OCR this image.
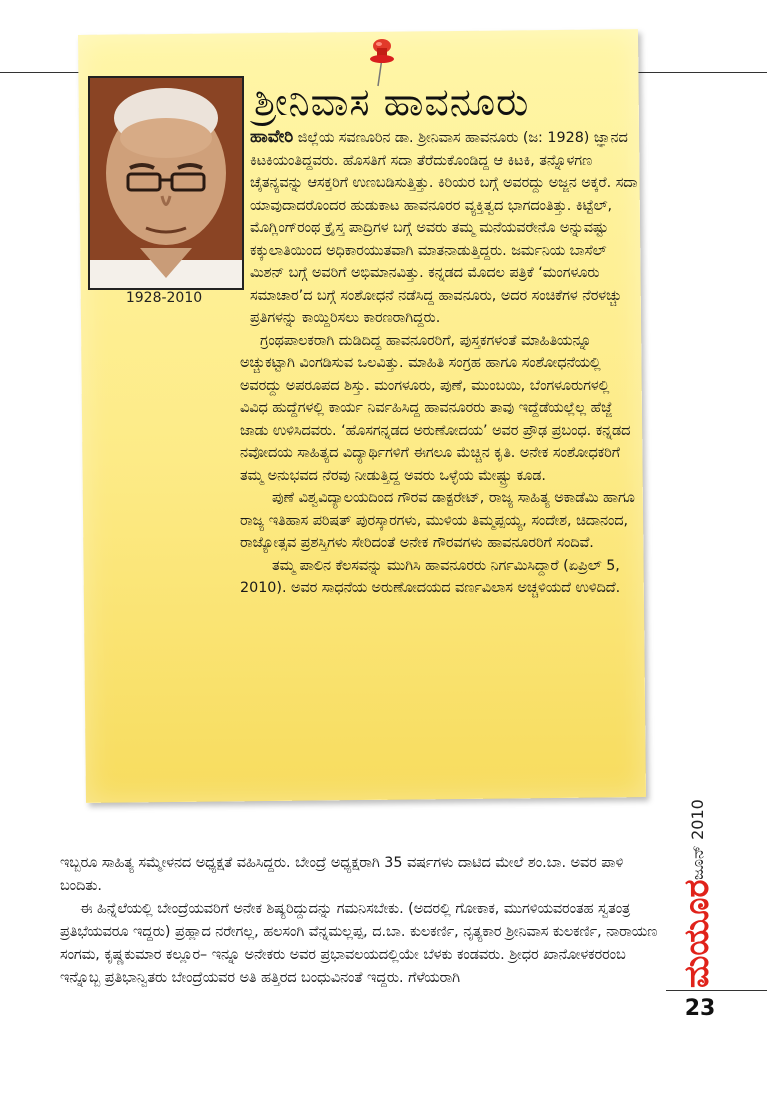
1928-2010
ಶ್ರೀನಿವಾಸ ಹಾವನೂರು

ಹಾವೇರಿ ಜಿಲ್ಲೆಯ ಸವಣೂರಿನ ಡಾ. ಶ್ರೀನಿವಾಸ ಹಾವನೂರು (ಜ: 1928) ಜ್ಞಾನದ ಕಿಟಕಿಯಂತಿದ್ದವರು. ಹೊಸತಿಗೆ ಸದಾ ತೆರೆದುಕೊಂಡಿದ್ದ ಆ ಕಿಟಕಿ, ತನ್ನೊಳಗಣ ಚೈತನ್ಯವನ್ನು ಆಸಕ್ತರಿಗೆ ಉಣಬಡಿಸುತ್ತಿತ್ತು. ಕಿರಿಯರ ಬಗ್ಗೆ ಅವರದ್ದು ಅಜ್ಜನ ಅಕ್ಕರೆ. ಸದಾ ಯಾವುದಾದರೊಂದರ ಹುಡುಕಾಟ ಹಾವನೂರರ ವ್ಯಕ್ತಿತ್ವದ ಭಾಗದಂತಿತ್ತು. ಕಿಟ್ಟೆಲ್, ಮೊಗ್ಲಿಂಗ್‌ರಂಥ ಕ್ರೈಸ್ತ ಪಾದ್ರಿಗಳ ಬಗ್ಗೆ ಅವರು ತಮ್ಮ ಮನೆಯವರೇನೊ ಅನ್ನುವಷ್ಟು ಕಕ್ಕುಲಾತಿಯಿಂದ ಅಧಿಕಾರಯುತವಾಗಿ ಮಾತನಾಡುತ್ತಿದ್ದರು. ಜರ್ಮನಿಯ ಬಾಸೆಲ್ ಮಿಶನ್ ಬಗ್ಗೆ ಅವರಿಗೆ ಅಭಿಮಾನವಿತ್ತು. ಕನ್ನಡದ ಮೊದಲ ಪತ್ರಿಕೆ ‘ಮಂಗಳೂರು ಸಮಾಚಾರ’ದ ಬಗ್ಗೆ ಸಂಶೋಧನೆ ನಡೆಸಿದ್ದ ಹಾವನೂರು, ಅದರ ಸಂಚಿಕೆಗಳ ನೆರಳಚ್ಚು ಪ್ರತಿಗಳನ್ನು ಕಾಯ್ದಿರಿಸಲು ಕಾರಣರಾಗಿದ್ದರು.

ಗ್ರಂಥಪಾಲಕರಾಗಿ ದುಡಿದಿದ್ದ ಹಾವನೂರರಿಗೆ, ಪುಸ್ತಕಗಳಂತೆ ಮಾಹಿತಿಯನ್ನೂ ಅಚ್ಚುಕಟ್ಟಾಗಿ ವಿಂಗಡಿಸುವ ಒಲವಿತ್ತು. ಮಾಹಿತಿ ಸಂಗ್ರಹ ಹಾಗೂ ಸಂಶೋಧನೆಯಲ್ಲಿ ಅವರದ್ದು ಅಪರೂಪದ ಶಿಸ್ತು. ಮಂಗಳೂರು, ಪುಣೆ, ಮುಂಬಯಿ, ಬೆಂಗಳೂರುಗಳಲ್ಲಿ ವಿವಿಧ ಹುದ್ದೆಗಳಲ್ಲಿ ಕಾರ್ಯ ನಿರ್ವಹಿಸಿದ್ದ ಹಾವನೂರರು ತಾವು ಇದ್ದೆಡೆಯಲ್ಲೆಲ್ಲ ಹೆಜ್ಜೆ ಜಾಡು ಉಳಿಸಿದವರು. ‘ಹೊಸಗನ್ನಡದ ಅರುಣೋದಯ’ ಅವರ ಪ್ರೌಢ ಪ್ರಬಂಧ. ಕನ್ನಡದ ನವೋದಯ ಸಾಹಿತ್ಯದ ವಿದ್ಯಾರ್ಥಿಗಳಿಗೆ ಈಗಲೂ ಮೆಚ್ಚಿನ ಕೃತಿ. ಅನೇಕ ಸಂಶೋಧಕರಿಗೆ ತಮ್ಮ ಅನುಭವದ ನೆರವು ನೀಡುತ್ತಿದ್ದ ಅವರು ಒಳ್ಳೆಯ ಮೇಷ್ಟ್ರು ಕೂಡ.

ಪುಣೆ ವಿಶ್ವವಿದ್ಯಾಲಯದಿಂದ ಗೌರವ ಡಾಕ್ಟರೇಟ್, ರಾಜ್ಯ ಸಾಹಿತ್ಯ ಅಕಾಡೆಮಿ ಹಾಗೂ ರಾಜ್ಯ ಇತಿಹಾಸ ಪರಿಷತ್ ಪುರಸ್ಕಾರಗಳು, ಮುಳಿಯ ತಿಮ್ಮಪ್ಪಯ್ಯ, ಸಂದೇಶ, ಚಿದಾನಂದ, ರಾಜ್ಯೋತ್ಸವ ಪ್ರಶಸ್ತಿಗಳು ಸೇರಿದಂತೆ ಅನೇಕ ಗೌರವಗಳು ಹಾವನೂರರಿಗೆ ಸಂದಿವೆ.

ತಮ್ಮ ಪಾಲಿನ ಕೆಲಸವನ್ನು ಮುಗಿಸಿ ಹಾವನೂರರು ನಿರ್ಗಮಿಸಿದ್ದಾರೆ (ಏಪ್ರಿಲ್ 5, 2010). ಅವರ ಸಾಧನೆಯ ಅರುಣೋದಯದ ವರ್ಣವಿಲಾಸ ಅಚ್ಚಳಿಯದೆ ಉಳಿದಿದೆ.

ಜೂನ್ 2010
ಮಯೂರ
23

ಇಬ್ಬರೂ ಸಾಹಿತ್ಯ ಸಮ್ಮೇಳನದ ಅಧ್ಯಕ್ಷತೆ ವಹಿಸಿದ್ದರು. ಬೇಂದ್ರೆ ಅಧ್ಯಕ್ಷರಾಗಿ 35 ವರ್ಷಗಳು ದಾಟಿದ ಮೇಲೆ ಶಂ.ಬಾ. ಅವರ ಪಾಳಿ ಬಂದಿತು.

ಈ ಹಿನ್ನೆಲೆಯಲ್ಲಿ ಬೇಂದ್ರೆಯವರಿಗೆ ಅನೇಕ ಶಿಷ್ಯರಿದ್ದುದನ್ನು ಗಮನಿಸಬೇಕು. (ಅದರಲ್ಲಿ ಗೋಕಾಕ, ಮುಗಳಿಯವರಂತಹ ಸ್ವತಂತ್ರ ಪ್ರತಿಭೆಯವರೂ ಇದ್ದರು) ಪ್ರಹ್ಲಾದ ನರೇಗಲ್ಲ, ಹಲಸಂಗಿ ವೆನ್ನಮಲ್ಲಪ್ಪ, ದ.ಬಾ. ಕುಲಕರ್ಣಿ, ನೃತ್ಯಕಾರ ಶ್ರೀನಿವಾಸ ಕುಲಕರ್ಣಿ, ನಾರಾಯಣ ಸಂಗಮ, ಕೃಷ್ಣಕುಮಾರ ಕಲ್ಲೂರ– ಇನ್ನೂ ಅನೇಕರು ಅವರ ಪ್ರಭಾವಲಯದಲ್ಲಿಯೇ ಬೆಳಕು ಕಂಡವರು. ಶ್ರೀಧರ ಖಾನೋಳಕರರಂಬ ಇನ್ನೊಬ್ಬ ಪ್ರತಿಭಾನ್ವಿತರು ಬೇಂದ್ರೆಯವರ ಅತಿ ಹತ್ತಿರದ ಬಂಧುವಿನಂತೆ ಇದ್ದರು. ಗೆಳೆಯರಾಗಿ
